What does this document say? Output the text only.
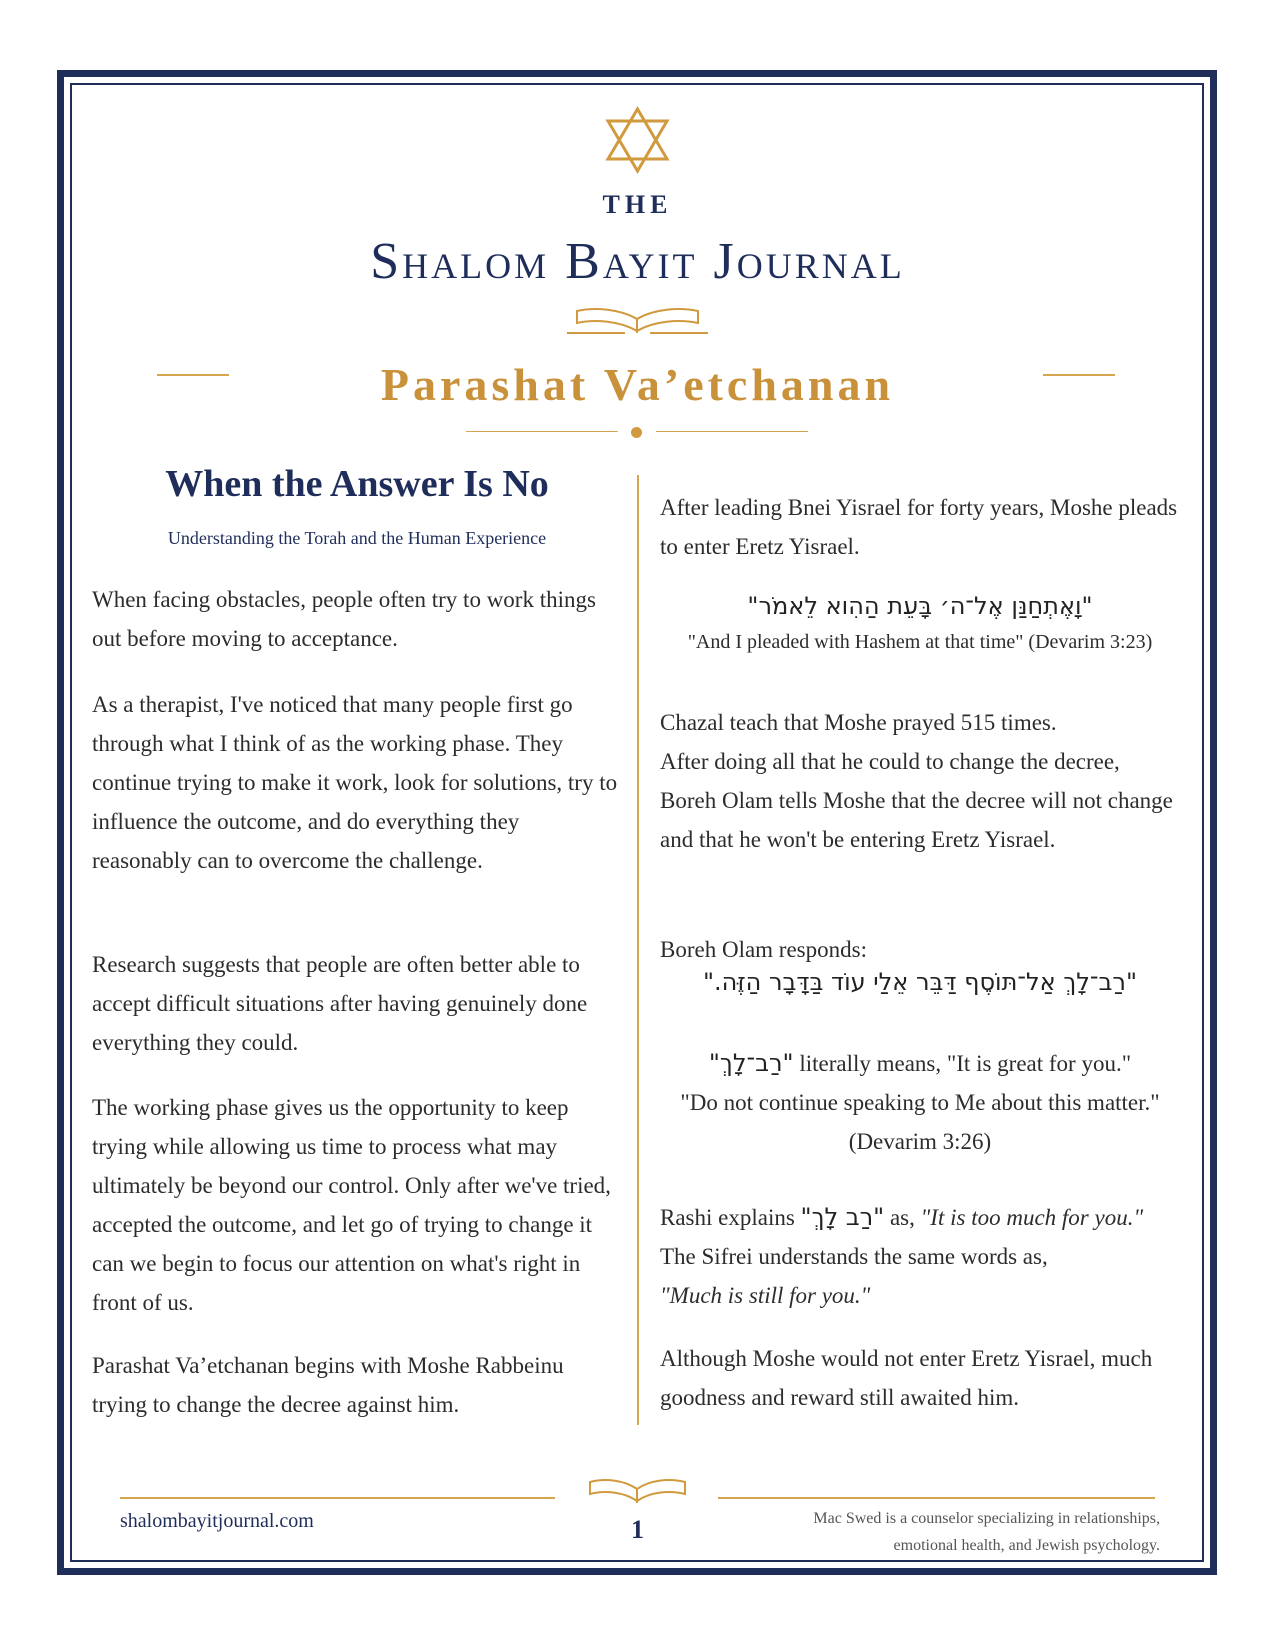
THE
Shalom Bayit Journal
Parashat Va’etchanan
When the Answer Is No
Understanding the Torah and the Human Experience

When facing obstacles, people often try to work things out before moving to acceptance.

As a therapist, I've noticed that many people first go through what I think of as the working phase. They continue trying to make it work, look for solutions, try to influence the outcome, and do everything they reasonably can to overcome the challenge.

Research suggests that people are often better able to accept difficult situations after having genuinely done everything they could.

The working phase gives us the opportunity to keep trying while allowing us time to process what may ultimately be beyond our control. Only after we've tried, accepted the outcome, and let go of trying to change it can we begin to focus our attention on what's right in front of us.

Parashat Va’etchanan begins with Moshe Rabbeinu trying to change the decree against him.

After leading Bnei Yisrael for forty years, Moshe pleads to enter Eretz Yisrael.

"וָאֶתְחַנַּן אֶל־ה׳ בָּעֵת הַהִוא לֵאמֹר"
"And I pleaded with Hashem at that time" (Devarim 3:23)

Chazal teach that Moshe prayed 515 times.

After doing all that he could to change the decree, Boreh Olam tells Moshe that the decree will not change and that he won't be entering Eretz Yisrael.

Boreh Olam responds:

"רַב־לָךְ אַל־תּוֹסֶף דַּבֵּר אֵלַי עוֹד בַּדָּבָר הַזֶּה."
"רַב־לָךְ" literally means, "It is great for you."
"Do not continue speaking to Me about this matter." (Devarim 3:26)
Rashi explains "רַב לָךְ" as, "It is too much for you."

The Sifrei understands the same words as,

"Much is still for you."

Although Moshe would not enter Eretz Yisrael, much goodness and reward still awaited him.

shalombayitjournal.com	1	Mac Swed is a counselor specializing in relationships,
emotional health, and Jewish psychology.
